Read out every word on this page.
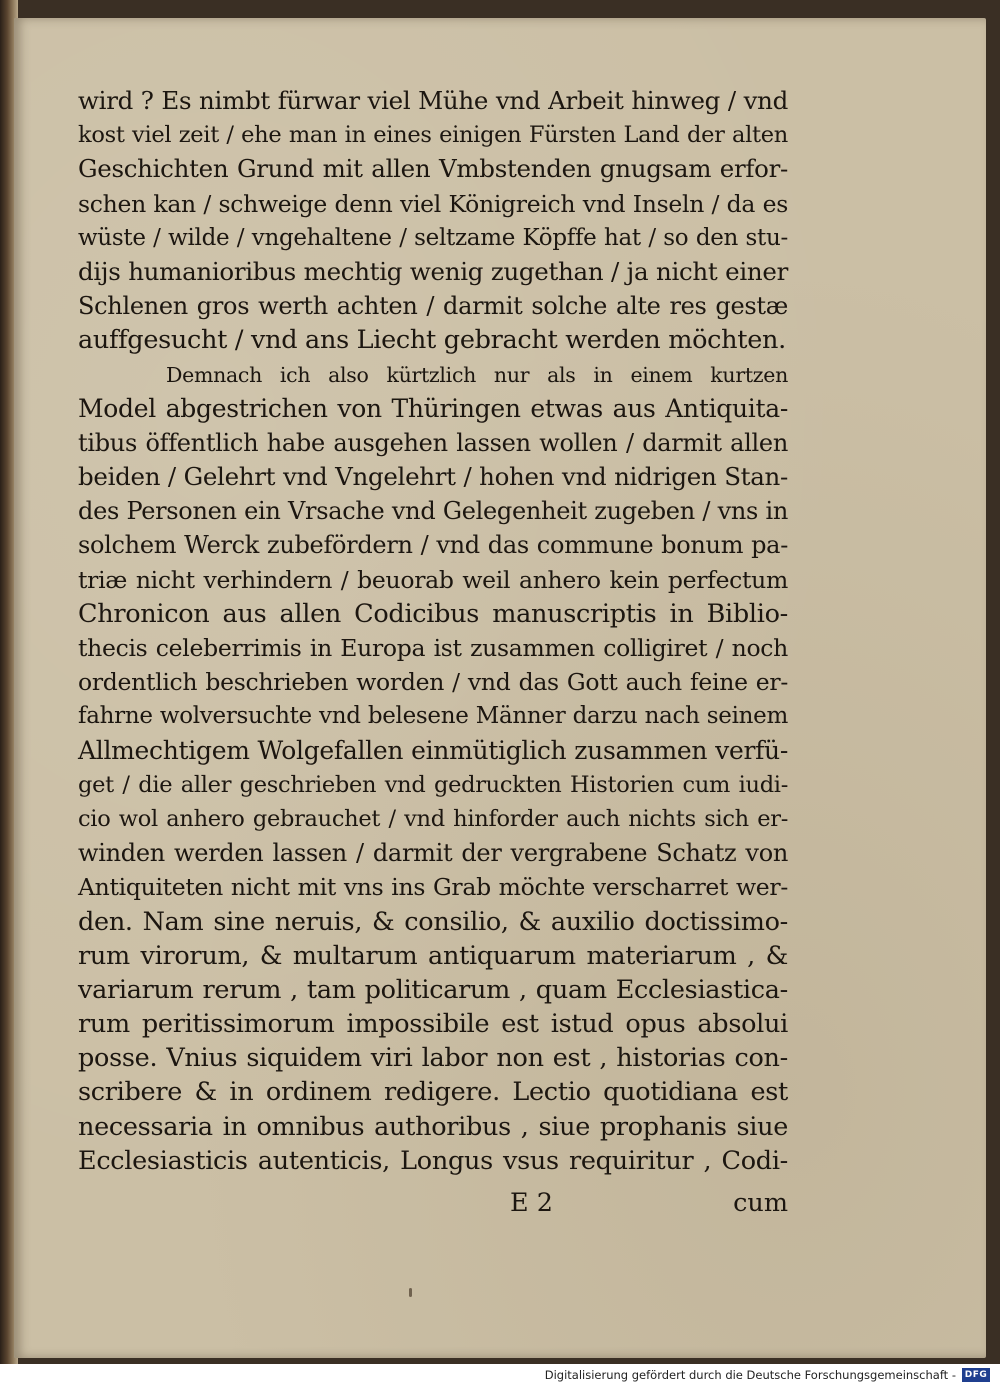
wird ? Es nimbt fürwar viel Mühe vnd Arbeit hinweg / vnd
kost viel zeit / ehe man in eines einigen Fürsten Land der alten
Geschichten Grund mit allen Vmbstenden gnugsam erfor-
schen kan / schweige denn viel Königreich vnd Inseln / da es
wüste / wilde / vngehaltene / seltzame Köpffe hat / so den stu-
dijs humanioribus mechtig wenig zugethan / ja nicht einer
Schlenen gros werth achten / darmit solche alte res gestæ
auffgesucht / vnd ans Liecht gebracht werden möchten.
Demnach ich also kürtzlich nur als in einem kurtzen
Model abgestrichen von Thüringen etwas aus Antiquita-
tibus öffentlich habe ausgehen lassen wollen / darmit allen
beiden / Gelehrt vnd Vngelehrt / hohen vnd nidrigen Stan-
des Personen ein Vrsache vnd Gelegenheit zugeben / vns in
solchem Werck zubefördern / vnd das commune bonum pa-
triæ nicht verhindern / beuorab weil anhero kein perfectum
Chronicon aus allen Codicibus manuscriptis in Biblio-
thecis celeberrimis in Europa ist zusammen colligiret / noch
ordentlich beschrieben worden / vnd das Gott auch feine er-
fahrne wolversuchte vnd belesene Männer darzu nach seinem
Allmechtigem Wolgefallen einmütiglich zusammen verfü-
get / die aller geschrieben vnd gedruckten Historien cum iudi-
cio wol anhero gebrauchet / vnd hinforder auch nichts sich er-
winden werden lassen / darmit der vergrabene Schatz von
Antiquiteten nicht mit vns ins Grab möchte verscharret wer-
den. Nam sine neruis, & consilio, & auxilio doctissimo-
rum virorum, & multarum antiquarum materiarum , &
variarum rerum , tam politicarum , quam Ecclesiastica-
rum peritissimorum impossibile est istud opus absolui
posse. Vnius siquidem viri labor non est , historias con-
scribere & in ordinem redigere. Lectio quotidiana est
necessaria in omnibus authoribus , siue prophanis siue
Ecclesiasticis autenticis, Longus vsus requiritur , Codi-
E 2	cum
Digitalisierung gefördert durch die Deutsche Forschungsgemeinschaft - DFG
